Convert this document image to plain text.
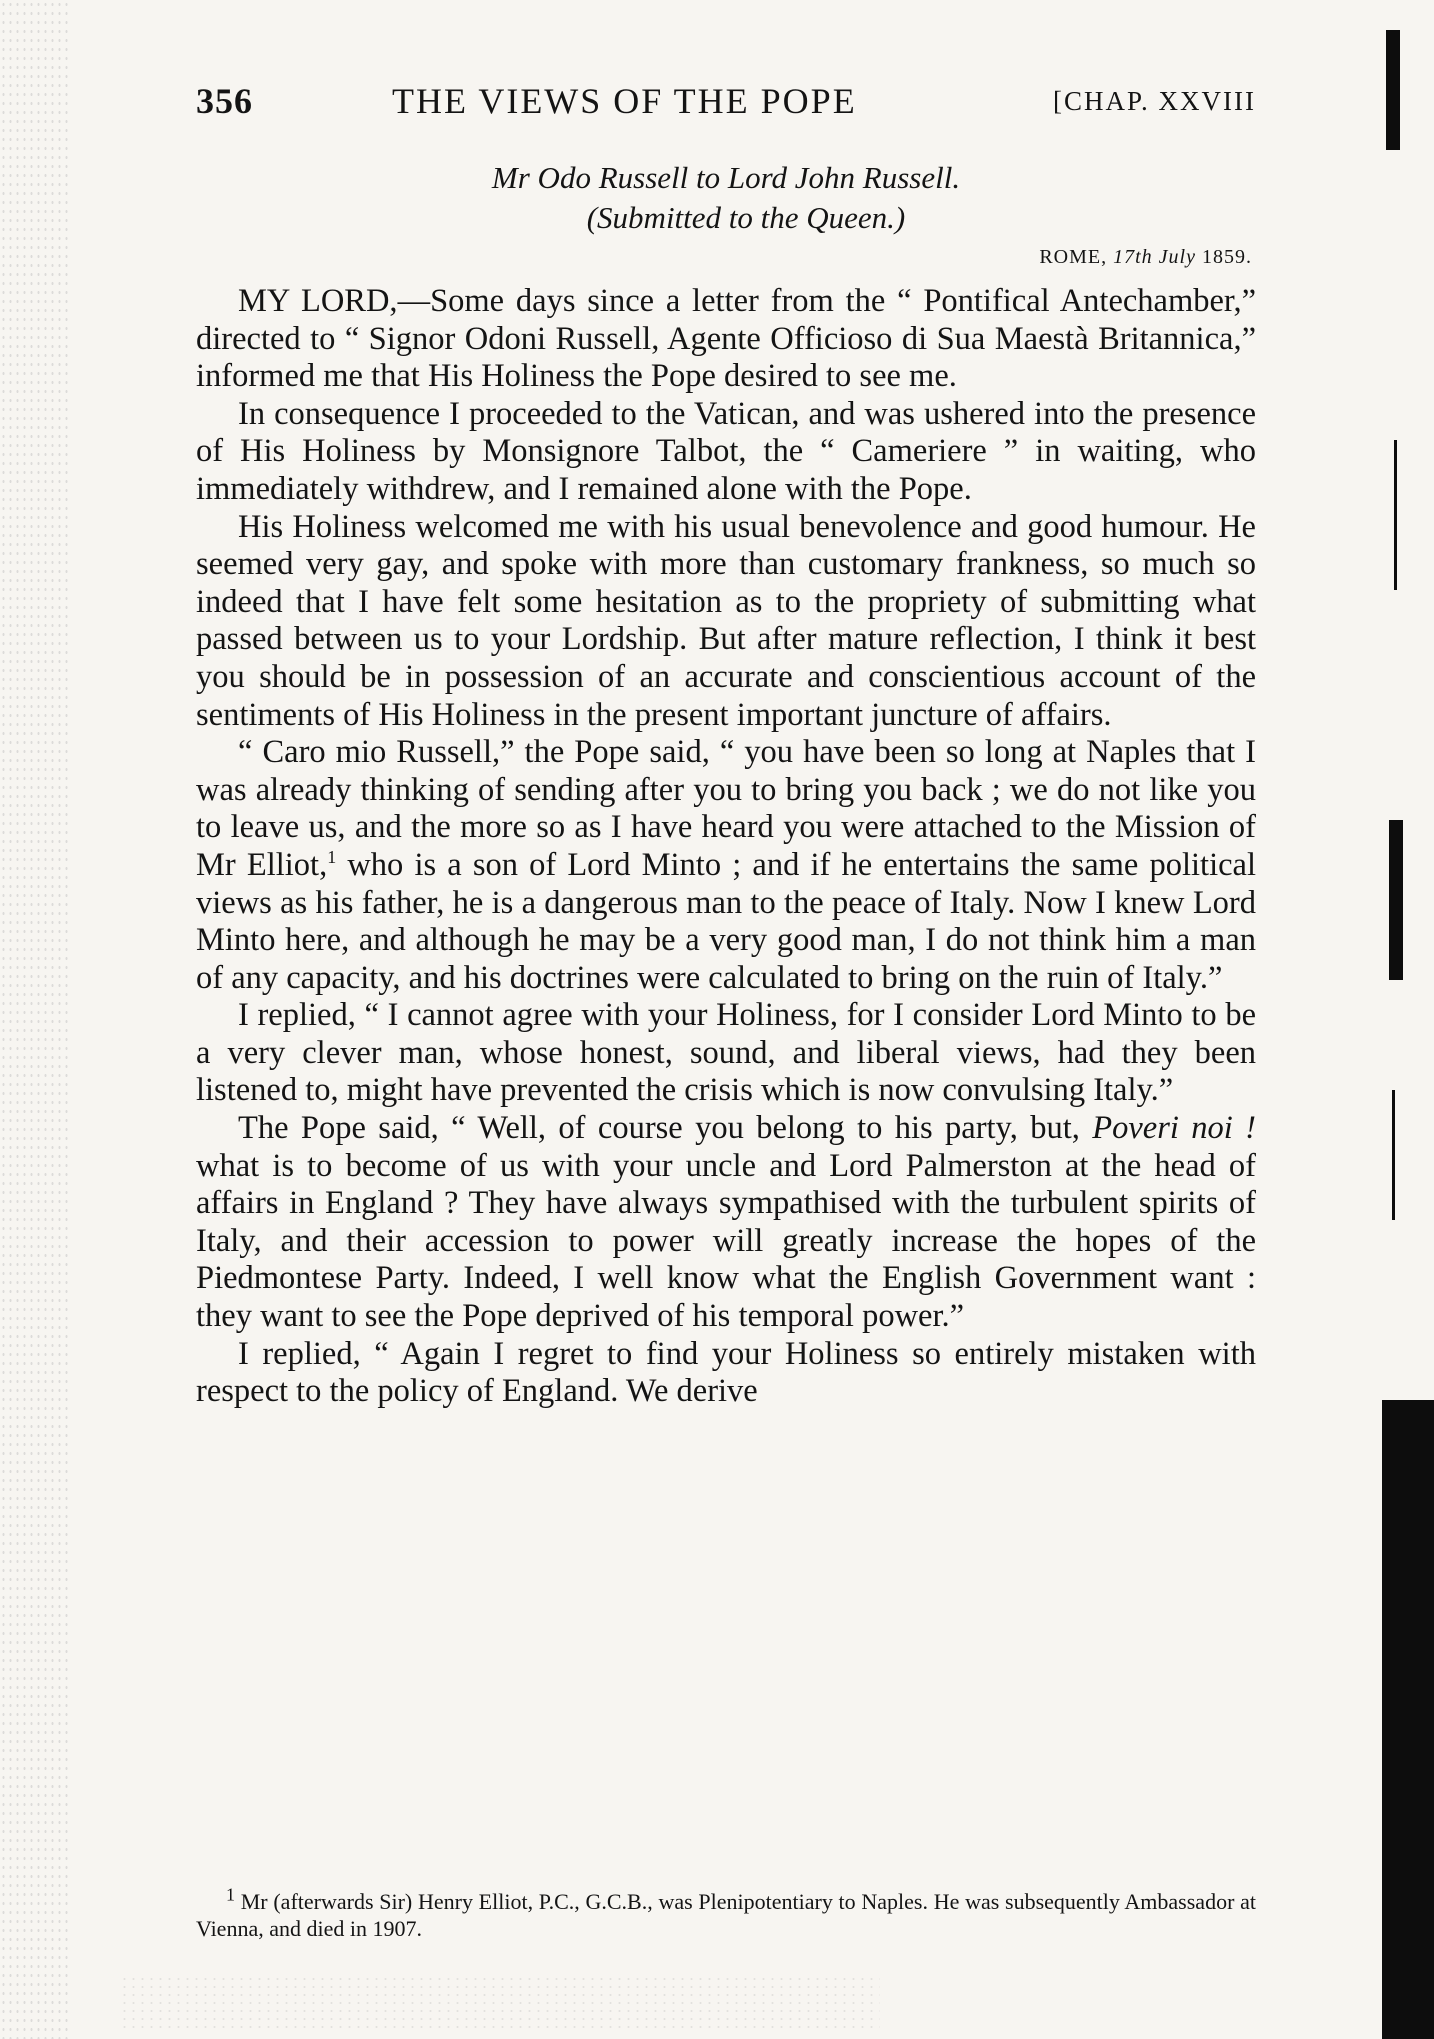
356	THE VIEWS OF THE POPE	[CHAP. XXVIII
Mr Odo Russell to Lord John Russell.
(Submitted to the Queen.)
ROME, 17th July 1859.

MY LORD,—Some days since a letter from the “ Pontifical Antechamber,” directed to “ Signor Odoni Russell, Agente Officioso di Sua Maestà Britannica,” informed me that His Holiness the Pope desired to see me.

In consequence I proceeded to the Vatican, and was ushered into the presence of His Holiness by Monsignore Talbot, the “ Cameriere ” in waiting, who immediately withdrew, and I remained alone with the Pope.

His Holiness welcomed me with his usual benevolence and good humour. He seemed very gay, and spoke with more than customary frankness, so much so indeed that I have felt some hesitation as to the propriety of submitting what passed between us to your Lordship. But after mature reflection, I think it best you should be in possession of an accurate and conscientious account of the sentiments of His Holiness in the present important juncture of affairs.

“ Caro mio Russell,” the Pope said, “ you have been so long at Naples that I was already thinking of sending after you to bring you back ; we do not like you to leave us, and the more so as I have heard you were attached to the Mission of Mr Elliot,$^1$ who is a son of Lord Minto ; and if he entertains the same political views as his father, he is a dangerous man to the peace of Italy. Now I knew Lord Minto here, and although he may be a very good man, I do not think him a man of any capacity, and his doctrines were calculated to bring on the ruin of Italy.”

I replied, “ I cannot agree with your Holiness, for I consider Lord Minto to be a very clever man, whose honest, sound, and liberal views, had they been listened to, might have prevented the crisis which is now convulsing Italy.”

The Pope said, “ Well, of course you belong to his party, but, Poveri noi ! what is to become of us with your uncle and Lord Palmerston at the head of affairs in England ? They have always sympathised with the turbulent spirits of Italy, and their accession to power will greatly increase the hopes of the Piedmontese Party. Indeed, I well know what the English Government want : they want to see the Pope deprived of his temporal power.”

I replied, “ Again I regret to find your Holiness so entirely mistaken with respect to the policy of England. We derive

$^1$ Mr (afterwards Sir) Henry Elliot, P.C., G.C.B., was Plenipotentiary to Naples. He was subsequently Ambassador at Vienna, and died in 1907.
